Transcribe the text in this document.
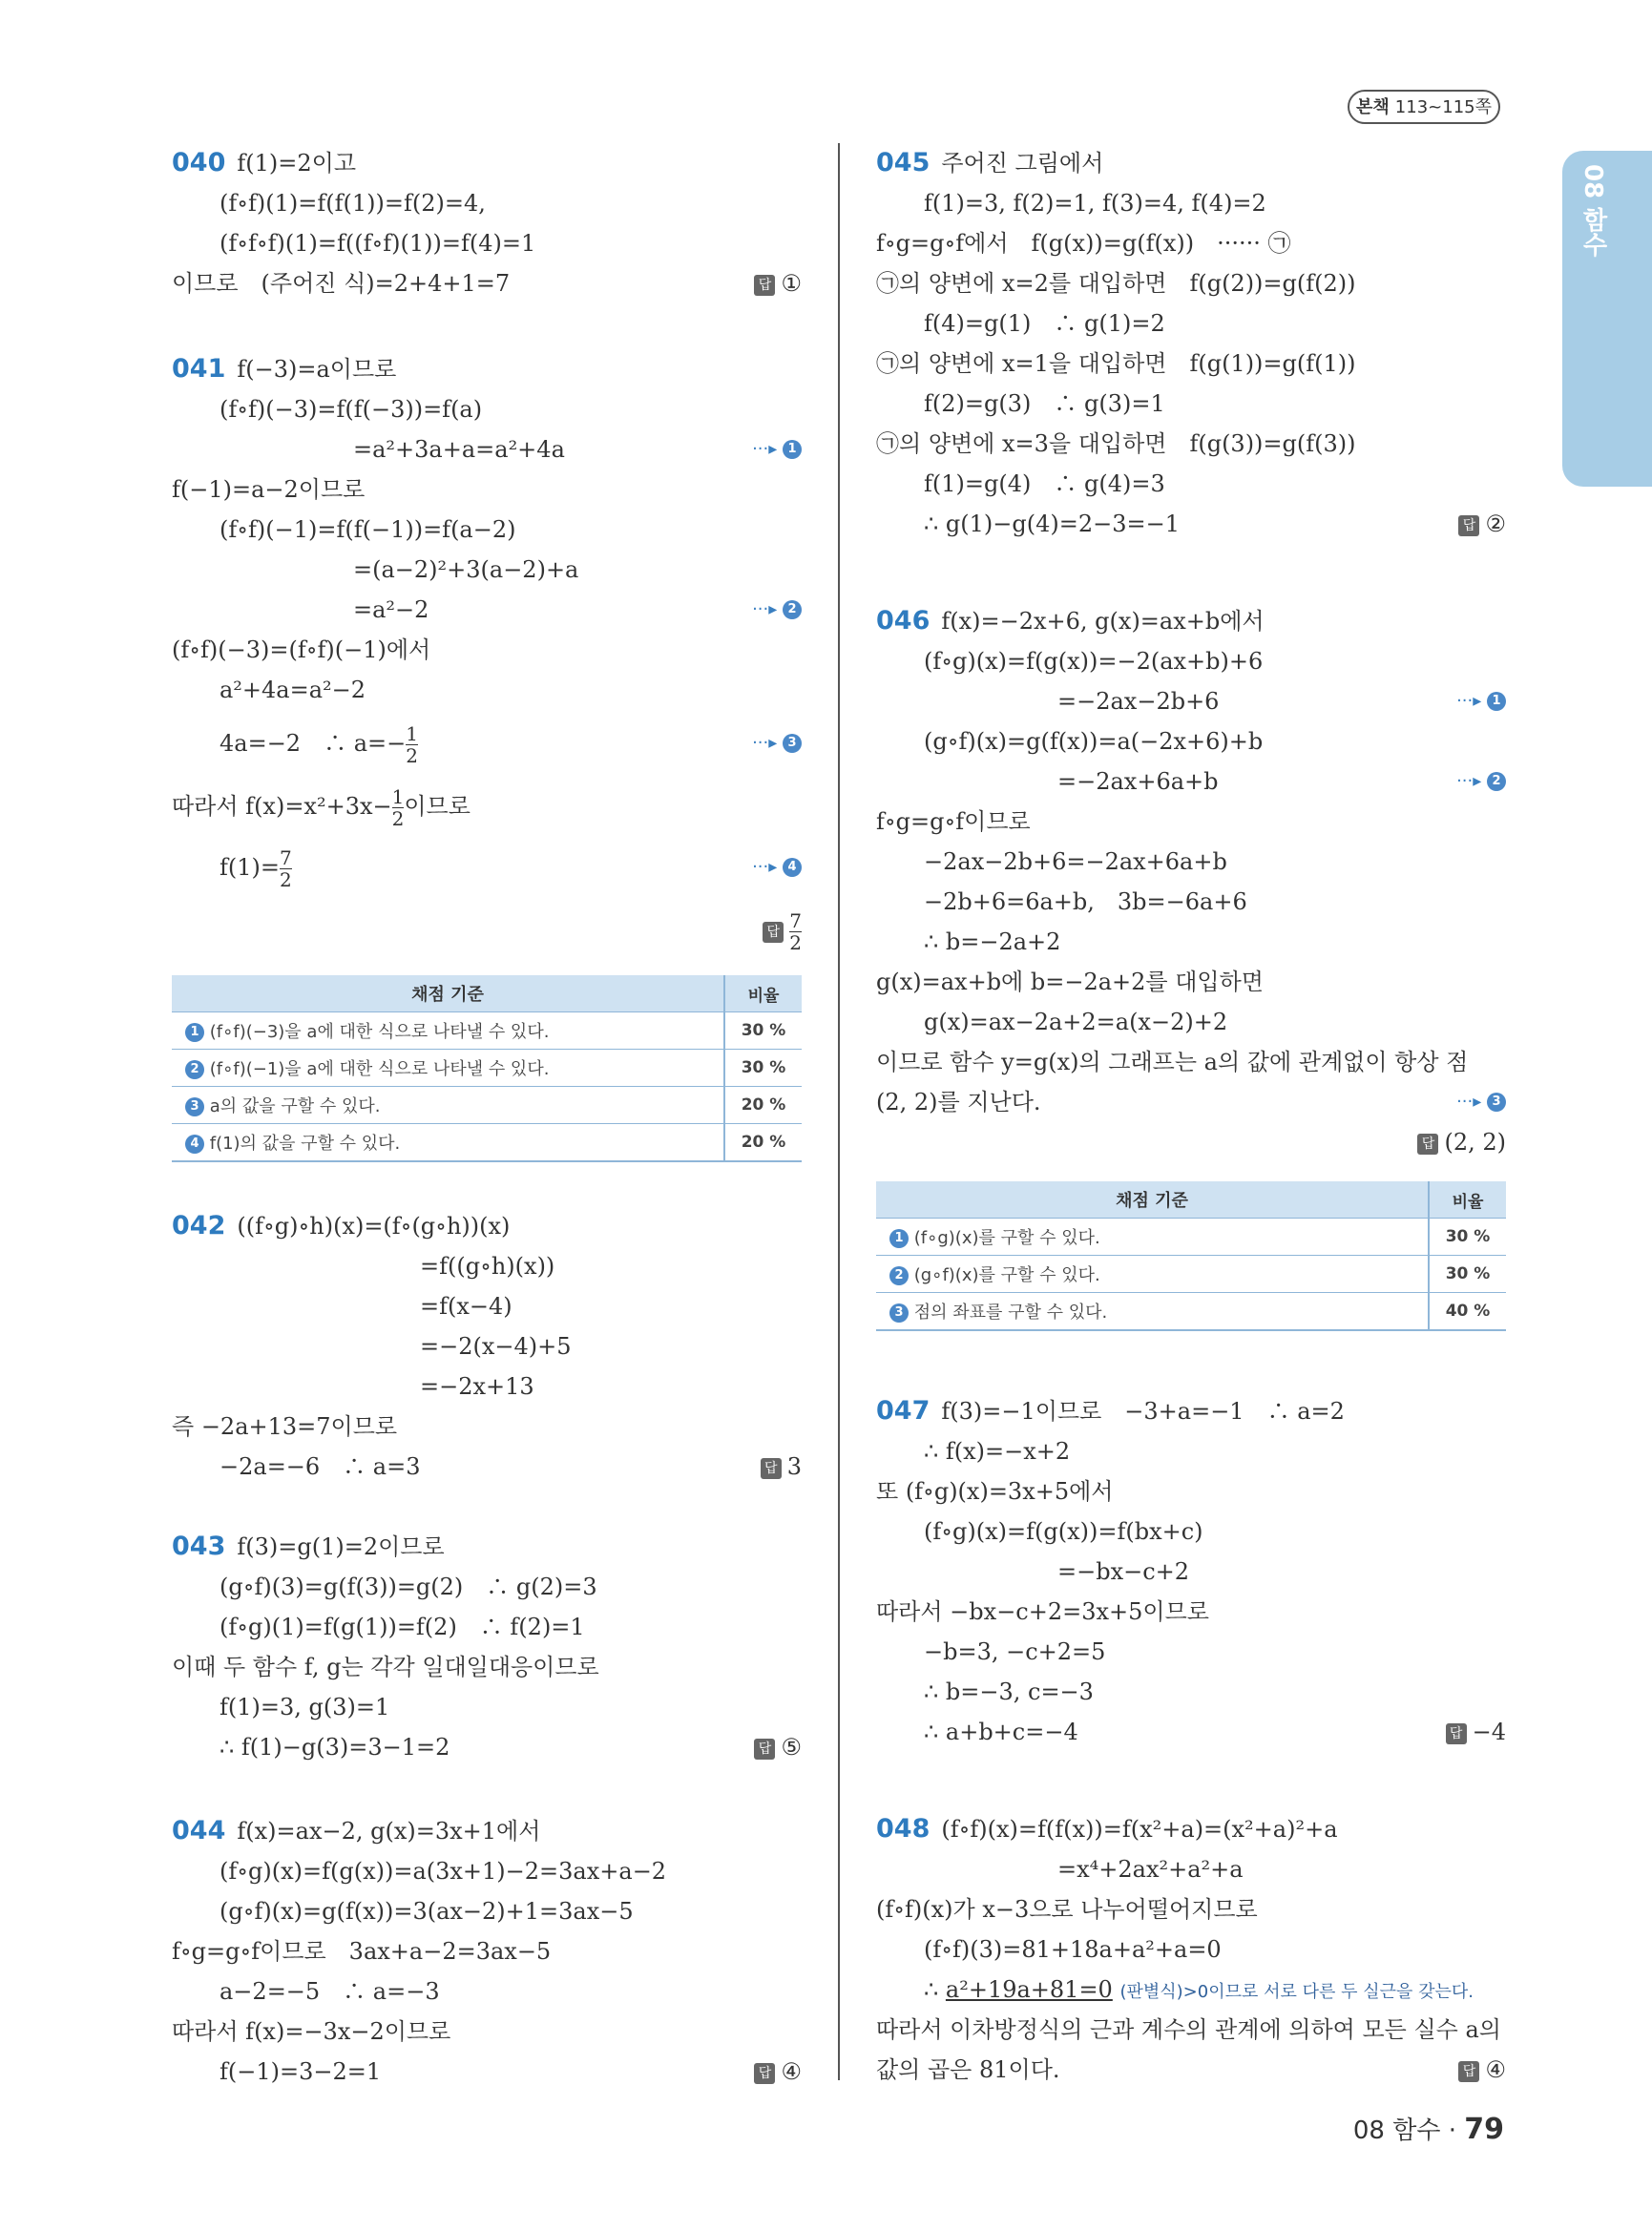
본책 113~115쪽
08 함수
040 f(1)=2이고
(f∘f)(1)=f(f(1))=f(2)=4,
(f∘f∘f)(1)=f((f∘f)(1))=f(4)=1
이므로　(주어진 식)=2+4+1=7	답 ①
041 f(−3)=a이므로
(f∘f)(−3)=f(f(−3))=f(a)
=a²+3a+a=a²+4a	···▸ 1
f(−1)=a−2이므로
(f∘f)(−1)=f(f(−1))=f(a−2)
=(a−2)²+3(a−2)+a
=a²−2	···▸ 2
(f∘f)(−3)=(f∘f)(−1)에서
a²+4a=a²−2
4a=−2　∴ $a=- \frac{1}{2}$	···▸ 3
따라서 $f(x)=x^2+3x- \frac{1}{2}$ 이므로
$f(1)= \frac{7}{2}$	···▸ 4
답 $\frac{7}{2}$
채점 기준	비율
1 (f∘f)(−3)을 a에 대한 식으로 나타낼 수 있다.	30 %
2 (f∘f)(−1)을 a에 대한 식으로 나타낼 수 있다.	30 %
3 a의 값을 구할 수 있다.	20 %
4 f(1)의 값을 구할 수 있다.	20 %
042 ((f∘g)∘h)(x)=(f∘(g∘h))(x)
=f((g∘h)(x))
=f(x−4)
=−2(x−4)+5
=−2x+13
즉 −2a+13=7이므로
−2a=−6　∴ a=3	답 3
043 f(3)=g(1)=2이므로
(g∘f)(3)=g(f(3))=g(2)　∴ g(2)=3
(f∘g)(1)=f(g(1))=f(2)　∴ f(2)=1
이때 두 함수 f, g는 각각 일대일대응이므로
f(1)=3, g(3)=1
∴ f(1)−g(3)=3−1=2	답 ⑤
044 f(x)=ax−2, g(x)=3x+1에서
(f∘g)(x)=f(g(x))=a(3x+1)−2=3ax+a−2
(g∘f)(x)=g(f(x))=3(ax−2)+1=3ax−5
f∘g=g∘f이므로　3ax+a−2=3ax−5
a−2=−5　∴ a=−3
따라서 f(x)=−3x−2이므로
f(−1)=3−2=1	답 ④
045 주어진 그림에서
f(1)=3, f(2)=1, f(3)=4, f(4)=2
f∘g=g∘f에서　f(g(x))=g(f(x))　······ ㉠
㉠의 양변에 x=2를 대입하면　f(g(2))=g(f(2))
f(4)=g(1)　∴ g(1)=2
㉠의 양변에 x=1을 대입하면　f(g(1))=g(f(1))
f(2)=g(3)　∴ g(3)=1
㉠의 양변에 x=3을 대입하면　f(g(3))=g(f(3))
f(1)=g(4)　∴ g(4)=3
∴ g(1)−g(4)=2−3=−1	답 ②
046 f(x)=−2x+6, g(x)=ax+b에서
(f∘g)(x)=f(g(x))=−2(ax+b)+6
=−2ax−2b+6	···▸ 1
(g∘f)(x)=g(f(x))=a(−2x+6)+b
=−2ax+6a+b	···▸ 2
f∘g=g∘f이므로
−2ax−2b+6=−2ax+6a+b
−2b+6=6a+b,　3b=−6a+6
∴ b=−2a+2
g(x)=ax+b에 b=−2a+2를 대입하면
g(x)=ax−2a+2=a(x−2)+2
이므로 함수 y=g(x)의 그래프는 a의 값에 관계없이 항상 점
(2, 2)를 지난다.	···▸ 3
답 (2, 2)
채점 기준	비율
1 (f∘g)(x)를 구할 수 있다.	30 %
2 (g∘f)(x)를 구할 수 있다.	30 %
3 점의 좌표를 구할 수 있다.	40 %
047 f(3)=−1이므로　−3+a=−1　∴ a=2
∴ f(x)=−x+2
또 (f∘g)(x)=3x+5에서
(f∘g)(x)=f(g(x))=f(bx+c)
=−bx−c+2
따라서 −bx−c+2=3x+5이므로
−b=3, −c+2=5
∴ b=−3, c=−3
∴ a+b+c=−4	답 −4
048 (f∘f)(x)=f(f(x))=f(x²+a)=(x²+a)²+a
=x⁴+2ax²+a²+a
(f∘f)(x)가 x−3으로 나누어떨어지므로
(f∘f)(3)=81+18a+a²+a=0
∴ a²+19a+81=0 (판별식)>0이므로 서로 다른 두 실근을 갖는다.
따라서 이차방정식의 근과 계수의 관계에 의하여 모든 실수 a의
값의 곱은 81이다.	답 ④
08 함수 · 79
